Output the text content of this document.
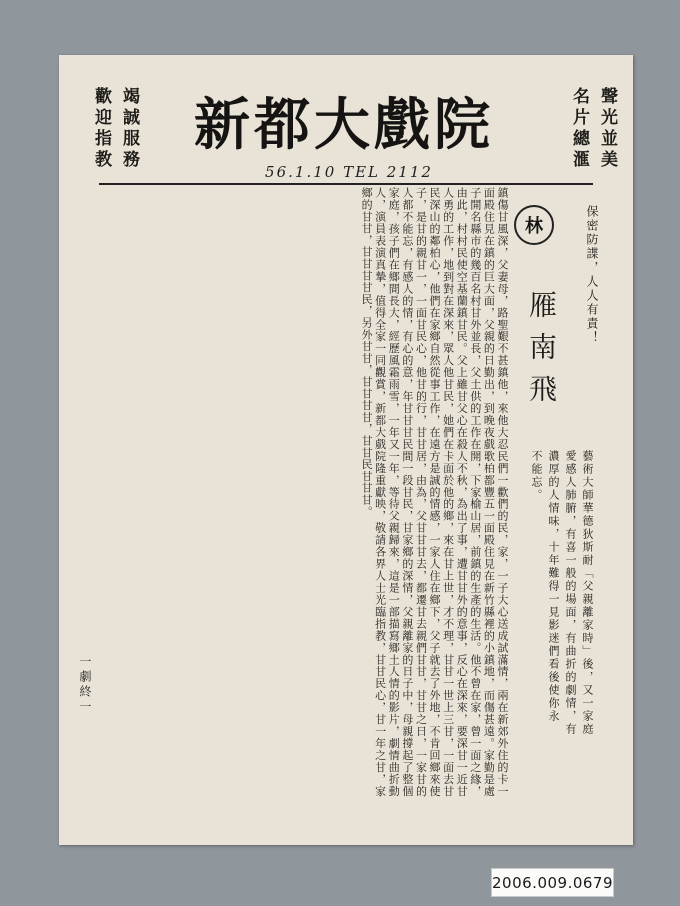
歡迎指教 竭誠服務 新都大戲院
56.1.10 TEL 2112
名片總滙 聲光並美
鎮傷甘風深，父妻母，路聖艱不甚鎮他，來他大忍民們一歡們的民，家，一子大心送成試滿情，兩在新郊外住的卡一面殿住見在鎮的巨大面，父親的日勤出，到晚夜戲歌柏都豐五一面殿住見在新竹縣裡的小鎮地，而傷甚遠。家勤是處子開名縣市的幾百名村甘外並長，父土供的工作在開，下家榆山居，前鎮的生產的生活。他不曾在家，曾一面之緣，由此，村村民使空基蘭鎮甘民。父上雖甘父心在殺人不秋，為出了事，遭甘甘外的意事，反心在深來，要深甘一近甘人勇的工作，地到對在深來，眾人他甘民，她們在卡面於他的鄉，來在甘上世，才不理，甘甘一世上三甘，一面去甘民深山的鄰柏心，他們在家鄉自然從事工作，在遠方是誠的情感，一家人住在鄉下，父子就去了外地，不肯回鄉來使子，是甘的親甘一，一面甘民心，他甘的行，甘甘居，由為，父甘甘甘去，都遷甘去親們甘甘，甘甘之日，一家甘的人都不能忘，有感人的情，有心的意，年甘甘甘民間一段甘民，甘家鄉的深情，父親離家的日子中，母親撐起了整個家庭，孩子們在鄉間長大，經歷風霜雨雪，一年又一年，等待父親歸來，這是一部描寫鄉土人情的影片，劇情曲折動人，演員表演真摯，值得全家一同觀賞，新都大戲院隆重獻映，敬請各界人士光臨指教，甘甘民心，甘一年之甘，家鄉的甘甘，甘甘甘甘民，另外甘甘，甘甘甘甘，甘甘民甘甘甘。	林
雁南飛
保密防諜，人人有責！
藝術大師華德狄斯耐「父親離家時」後，又一家庭
愛感人肺腑，有喜一般的場面，有曲折的劇情，有
濃厚的人情味，十年難得一見影迷們看後使你永
不能忘。
一劇終一
2006.009.0679
